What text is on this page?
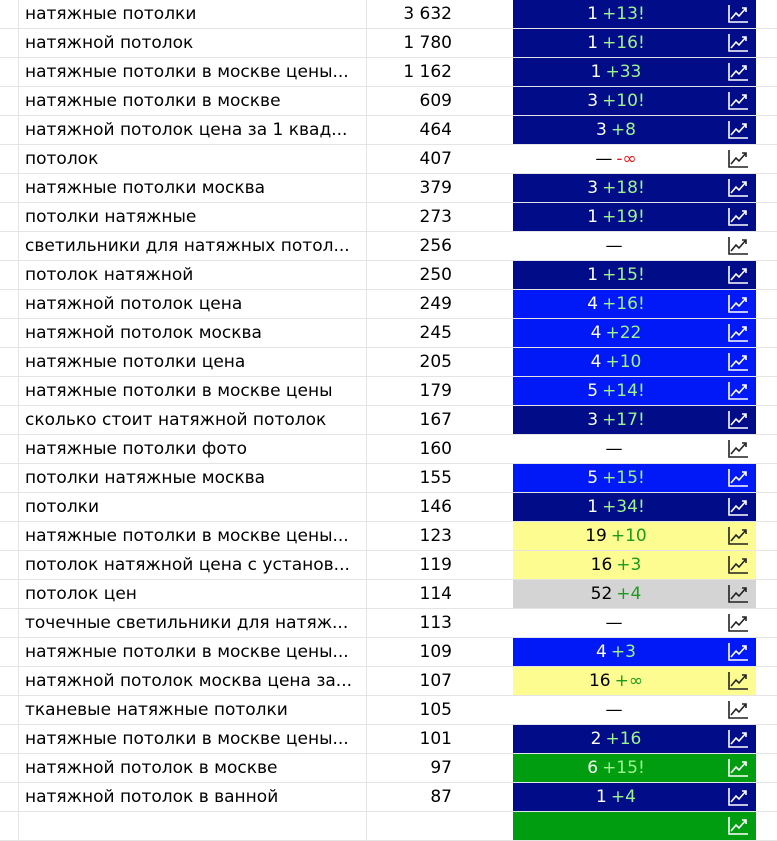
натяжные потолки	3 632	1 +13!
натяжной потолок	1 780	1 +16!
натяжные потолки в москве цены...	1 162	1 +33
натяжные потолки в москве	609	3 +10!
натяжной потолок цена за 1 квад...	464	3 +8
потолок	407	— -∞
натяжные потолки москва	379	3 +18!
потолки натяжные	273	1 +19!
светильники для натяжных потол...	256	—
потолок натяжной	250	1 +15!
натяжной потолок цена	249	4 +16!
натяжной потолок москва	245	4 +22
натяжные потолки цена	205	4 +10
натяжные потолки в москве цены	179	5 +14!
сколько стоит натяжной потолок	167	3 +17!
натяжные потолки фото	160	—
потолки натяжные москва	155	5 +15!
потолки	146	1 +34!
натяжные потолки в москве цены...	123	19 +10
потолок натяжной цена с установ...	119	16 +3
потолок цен	114	52 +4
точечные светильники для натяж...	113	—
натяжные потолки в москве цены...	109	4 +3
натяжной потолок москва цена за...	107	16 +∞
тканевые натяжные потолки	105	—
натяжные потолки в москве цены...	101	2 +16
натяжной потолок в москве	97	6 +15!
натяжной потолок в ванной	87	1 +4
